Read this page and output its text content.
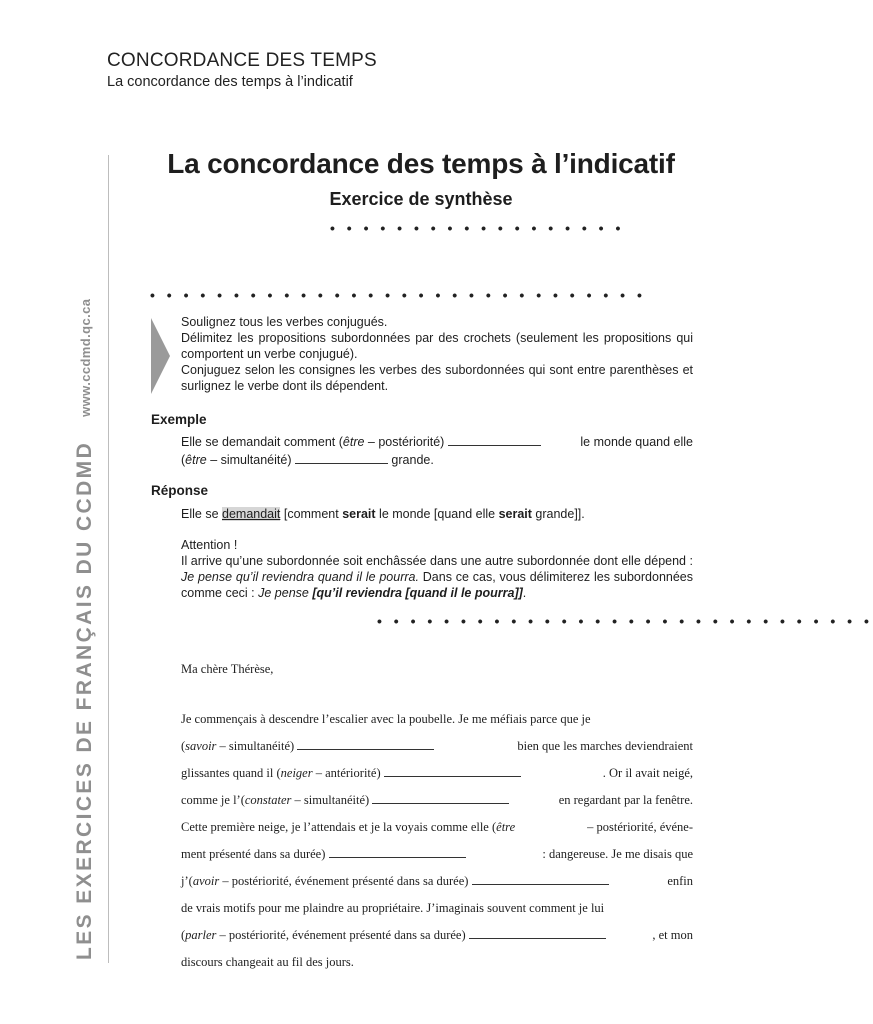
CONCORDANCE DES TEMPS
La concordance des temps à l’indicatif
LES EXERCICES DE FRANÇAIS DU CCDMD
www.ccdmd.qc.ca
La concordance des temps à l’indicatif
Exercice de synthèse
• • • • • • • • • • • • • • • • • •
• • • • • • • • • • • • • • • • • • • • • • • • • • • • • •

Soulignez tous les verbes conjugués.

Délimitez les propositions subordonnées par des crochets (seulement les propositions qui comportent un verbe conjugué).

Conjuguez selon les consignes les verbes des subordonnées qui sont entre parenthèses et surlignez le verbe dont ils dépendent.

Exemple
Elle se demandait comment (être – postériorité)	le monde quand elle
(être – simultanéité)	grande.
Réponse
Elle se demandait [comment serait le monde [quand elle serait grande]].

Attention !

Il arrive qu’une subordonnée soit enchâssée dans une autre subordonnée dont elle dépend : Je pense qu’il reviendra quand il le pourra. Dans ce cas, vous délimiterez les subordonnées comme ceci : Je pense [qu’il reviendra [quand il le pourra]].

• • • • • • • • • • • • • • • • • • • • • • • • • • • • • •
Ma chère Thérèse,
Je commençais à descendre l’escalier avec la poubelle. Je me méfiais parce que je
(savoir – simultanéité)	bien que les marches deviendraient
glissantes quand il (neiger – antériorité)	. Or il avait neigé,
comme je l’(constater – simultanéité)	en regardant par la fenêtre.
Cette première neige, je l’attendais et je la voyais comme elle (être	– postériorité, événe-
ment présenté dans sa durée)	: dangereuse. Je me disais que
j’(avoir – postériorité, événement présenté dans sa durée)	enfin
de vrais motifs pour me plaindre au propriétaire. J’imaginais souvent comment je lui
(parler – postériorité, événement présenté dans sa durée)	, et mon
discours changeait au fil des jours.
